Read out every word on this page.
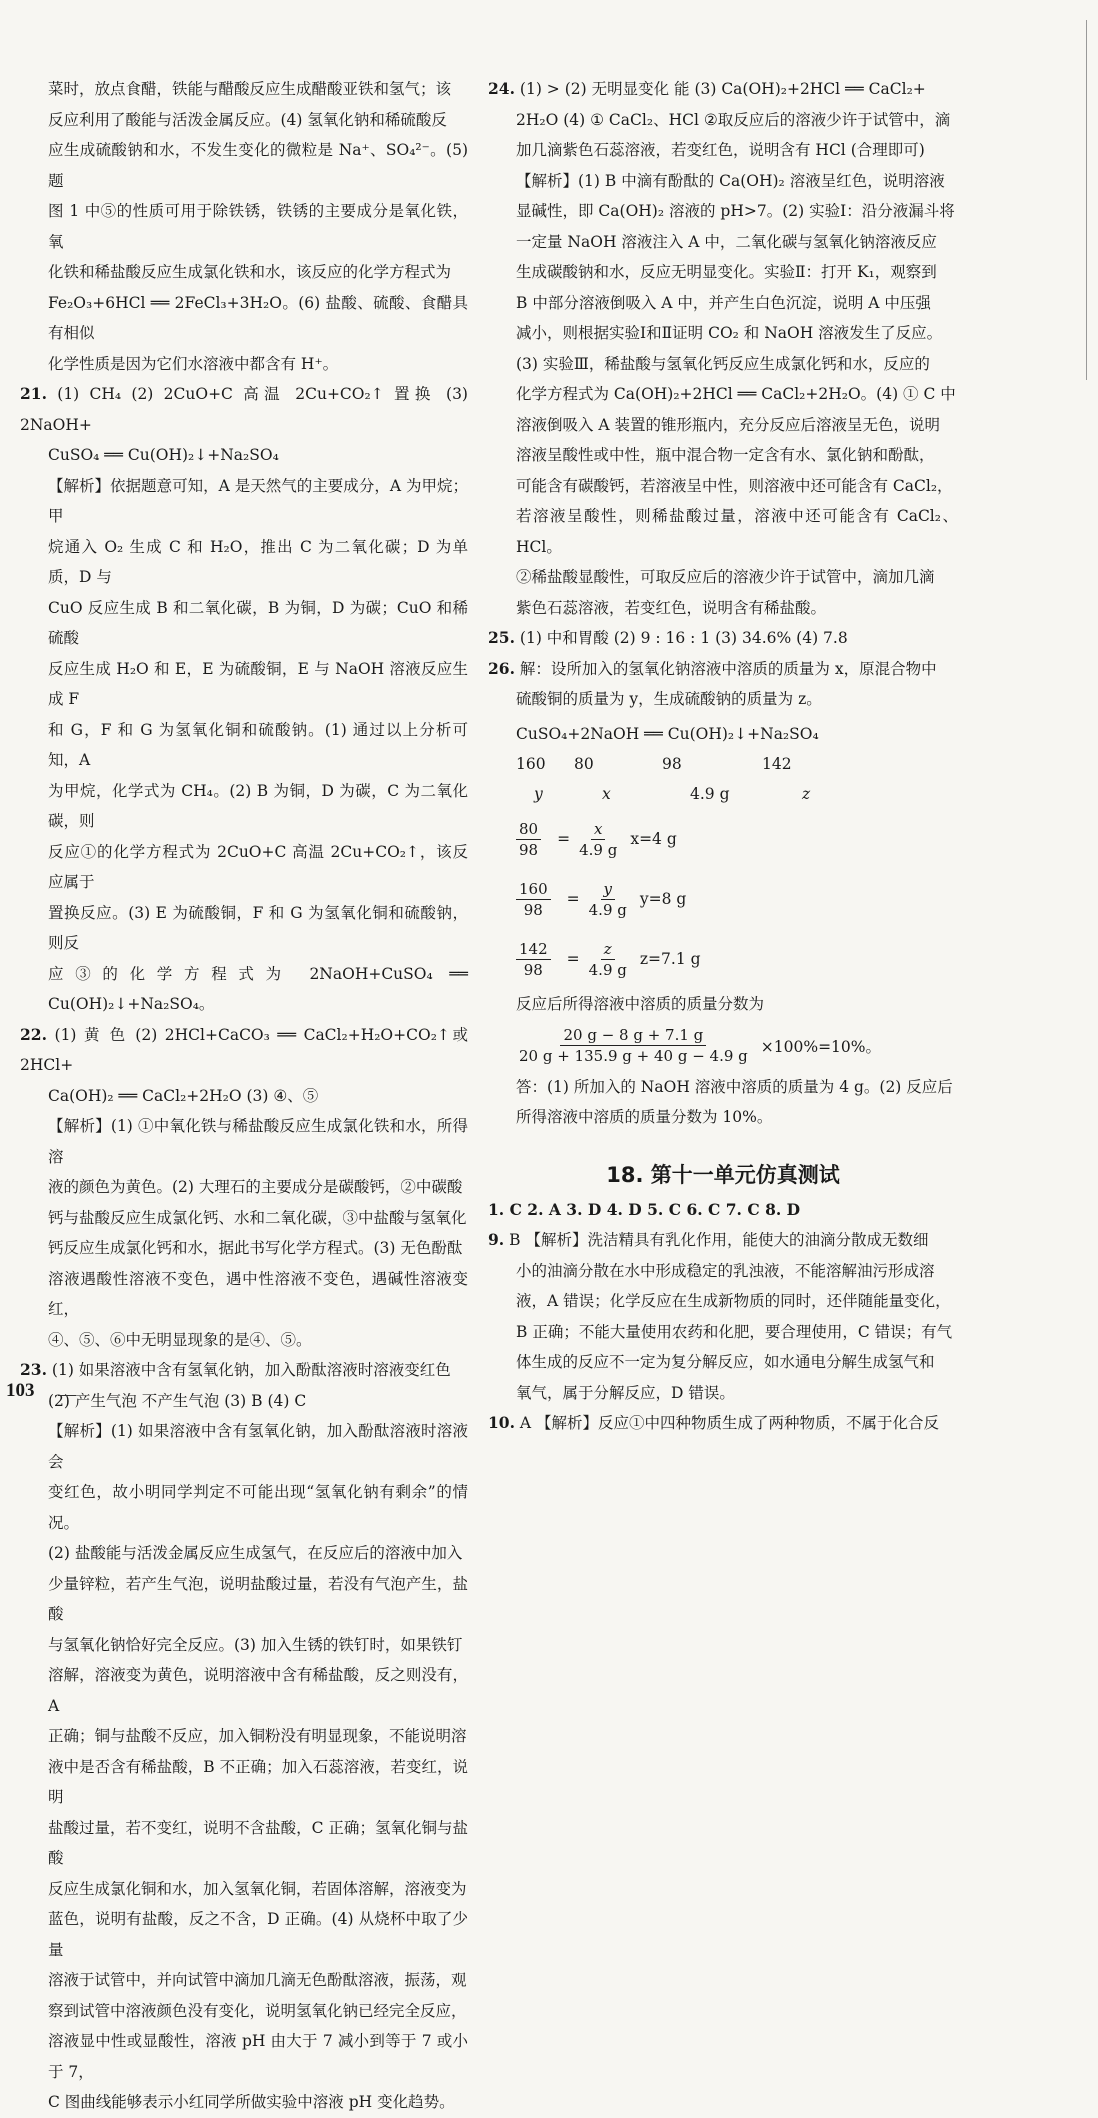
菜时，放点食醋，铁能与醋酸反应生成醋酸亚铁和氢气；该

反应利用了酸能与活泼金属反应。(4) 氢氧化钠和稀硫酸反

应生成硫酸钠和水，不发生变化的微粒是 Na⁺、SO₄²⁻。(5) 题

图 1 中⑤的性质可用于除铁锈，铁锈的主要成分是氧化铁，氧

化铁和稀盐酸反应生成氯化铁和水，该反应的化学方程式为

Fe₂O₃+6HCl ══ 2FeCl₃+3H₂O。(6) 盐酸、硫酸、食醋具有相似

化学性质是因为它们水溶液中都含有 H⁺。

21. (1) CH₄ (2) 2CuO+C 高温 2Cu+CO₂↑ 置换 (3) 2NaOH+

CuSO₄ ══ Cu(OH)₂↓+Na₂SO₄

【解析】依据题意可知，A 是天然气的主要成分，A 为甲烷；甲

烷通入 O₂ 生成 C 和 H₂O，推出 C 为二氧化碳；D 为单质，D 与

CuO 反应生成 B 和二氧化碳，B 为铜，D 为碳；CuO 和稀硫酸

反应生成 H₂O 和 E，E 为硫酸铜，E 与 NaOH 溶液反应生成 F

和 G，F 和 G 为氢氧化铜和硫酸钠。(1) 通过以上分析可知，A

为甲烷，化学式为 CH₄。(2) B 为铜，D 为碳，C 为二氧化碳，则

反应①的化学方程式为 2CuO+C 高温 2Cu+CO₂↑，该反应属于

置换反应。(3) E 为硫酸铜，F 和 G 为氢氧化铜和硫酸钠，则反

应③的化学方程式为 2NaOH+CuSO₄ ══ Cu(OH)₂↓+Na₂SO₄。

22. (1) 黄 色 (2) 2HCl+CaCO₃ ══ CaCl₂+H₂O+CO₂↑或 2HCl+

Ca(OH)₂ ══ CaCl₂+2H₂O (3) ④、⑤

【解析】(1) ①中氧化铁与稀盐酸反应生成氯化铁和水，所得溶

液的颜色为黄色。(2) 大理石的主要成分是碳酸钙，②中碳酸

钙与盐酸反应生成氯化钙、水和二氧化碳，③中盐酸与氢氧化

钙反应生成氯化钙和水，据此书写化学方程式。(3) 无色酚酞

溶液遇酸性溶液不变色，遇中性溶液不变色，遇碱性溶液变红，

④、⑤、⑥中无明显现象的是④、⑤。

23. (1) 如果溶液中含有氢氧化钠，加入酚酞溶液时溶液变红色

(2) 产生气泡 不产生气泡 (3) B (4) C

【解析】(1) 如果溶液中含有氢氧化钠，加入酚酞溶液时溶液会

变红色，故小明同学判定不可能出现“氢氧化钠有剩余”的情况。

(2) 盐酸能与活泼金属反应生成氢气，在反应后的溶液中加入

少量锌粒，若产生气泡，说明盐酸过量，若没有气泡产生，盐酸

与氢氧化钠恰好完全反应。(3) 加入生锈的铁钉时，如果铁钉

溶解，溶液变为黄色，说明溶液中含有稀盐酸，反之则没有，A

正确；铜与盐酸不反应，加入铜粉没有明显现象，不能说明溶

液中是否含有稀盐酸，B 不正确；加入石蕊溶液，若变红，说明

盐酸过量，若不变红，说明不含盐酸，C 正确；氢氧化铜与盐酸

反应生成氯化铜和水，加入氢氧化铜，若固体溶解，溶液变为

蓝色，说明有盐酸，反之不含，D 正确。(4) 从烧杯中取了少量

溶液于试管中，并向试管中滴加几滴无色酚酞溶液，振荡，观

察到试管中溶液颜色没有变化，说明氢氧化钠已经完全反应，

溶液显中性或显酸性，溶液 pH 由大于 7 减小到等于 7 或小于 7，

C 图曲线能够表示小红同学所做实验中溶液 pH 变化趋势。

24. (1) > (2) 无明显变化 能 (3) Ca(OH)₂+2HCl ══ CaCl₂+

2H₂O (4) ① CaCl₂、HCl ②取反应后的溶液少许于试管中，滴

加几滴紫色石蕊溶液，若变红色，说明含有 HCl (合理即可)

【解析】(1) B 中滴有酚酞的 Ca(OH)₂ 溶液呈红色，说明溶液

显碱性，即 Ca(OH)₂ 溶液的 pH>7。(2) 实验Ⅰ：沿分液漏斗将

一定量 NaOH 溶液注入 A 中，二氧化碳与氢氧化钠溶液反应

生成碳酸钠和水，反应无明显变化。实验Ⅱ：打开 K₁，观察到

B 中部分溶液倒吸入 A 中，并产生白色沉淀，说明 A 中压强

减小，则根据实验Ⅰ和Ⅱ证明 CO₂ 和 NaOH 溶液发生了反应。

(3) 实验Ⅲ，稀盐酸与氢氧化钙反应生成氯化钙和水，反应的

化学方程式为 Ca(OH)₂+2HCl ══ CaCl₂+2H₂O。(4) ① C 中

溶液倒吸入 A 装置的锥形瓶内，充分反应后溶液呈无色，说明

溶液呈酸性或中性，瓶中混合物一定含有水、氯化钠和酚酞，

可能含有碳酸钙，若溶液呈中性，则溶液中还可能含有 CaCl₂，

若溶液呈酸性，则稀盐酸过量，溶液中还可能含有 CaCl₂、HCl。

②稀盐酸显酸性，可取反应后的溶液少许于试管中，滴加几滴

紫色石蕊溶液，若变红色，说明含有稀盐酸。

25. (1) 中和胃酸 (2) 9 : 16 : 1 (3) 34.6% (4) 7.8

26. 解：设所加入的氢氧化钠溶液中溶质的质量为 x，原混合物中

硫酸铜的质量为 y，生成硫酸钠的质量为 z。

CuSO₄+2NaOH ══ Cu(OH)₂↓+Na₂SO₄

160	80	98	142
y	x	4.9 g	z
$\frac{80}{98} = \frac{x}{4.9 g} x=4$ g
$\frac{160}{98} = \frac{y}{4.9 g} y=8$ g
$\frac{142}{98} = \frac{z}{4.9 g} z=7.1$ g

反应后所得溶液中溶质的质量分数为

$\frac{20 g - 8 g + 7.1 g}{20 g + 135.9 g + 40 g - 4.9 g} \times 100\%=10\%$。

答：(1) 所加入的 NaOH 溶液中溶质的质量为 4 g。(2) 反应后

所得溶液中溶质的质量分数为 10%。

18. 第十一单元仿真测试

1. C 2. A 3. D 4. D 5. C 6. C 7. C 8. D

9. B 【解析】洗洁精具有乳化作用，能使大的油滴分散成无数细

小的油滴分散在水中形成稳定的乳浊液，不能溶解油污形成溶

液，A 错误；化学反应在生成新物质的同时，还伴随能量变化，

B 正确；不能大量使用农药和化肥，要合理使用，C 错误；有气

体生成的反应不一定为复分解反应，如水通电分解生成氢气和

氧气，属于分解反应，D 错误。

10. A 【解析】反应①中四种物质生成了两种物质，不属于化合反

103
